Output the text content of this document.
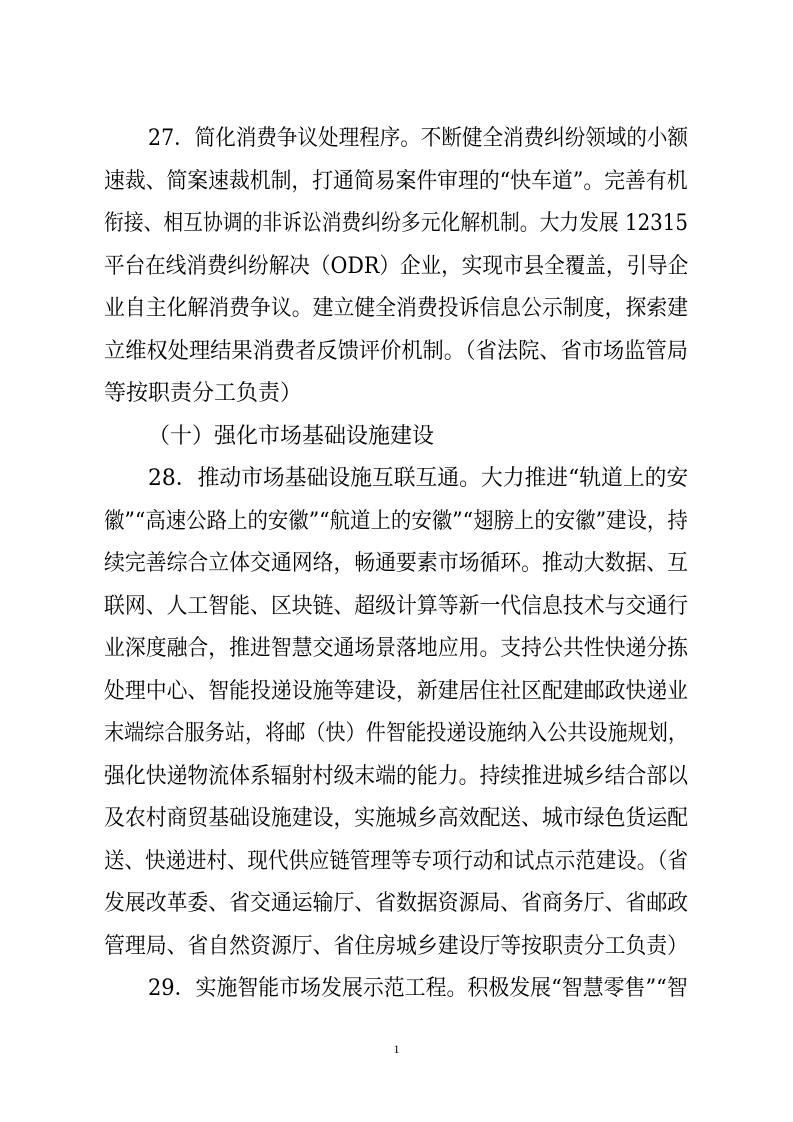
27．简化消费争议处理程序。不断健全消费纠纷领域的小额
速裁、简案速裁机制，打通简易案件审理的“快车道”。完善有机
衔接、相互协调的非诉讼消费纠纷多元化解机制。大力发展 12315
平台在线消费纠纷解决（ODR）企业，实现市县全覆盖，引导企
业自主化解消费争议。建立健全消费投诉信息公示制度，探索建
立维权处理结果消费者反馈评价机制。（省法院、省市场监管局
等按职责分工负责）
（十）强化市场基础设施建设
28．推动市场基础设施互联互通。大力推进“轨道上的安
徽”“高速公路上的安徽”“航道上的安徽”“翅膀上的安徽”建设，持
续完善综合立体交通网络，畅通要素市场循环。推动大数据、互
联网、人工智能、区块链、超级计算等新一代信息技术与交通行
业深度融合，推进智慧交通场景落地应用。支持公共性快递分拣
处理中心、智能投递设施等建设，新建居住社区配建邮政快递业
末端综合服务站，将邮（快）件智能投递设施纳入公共设施规划，
强化快递物流体系辐射村级末端的能力。持续推进城乡结合部以
及农村商贸基础设施建设，实施城乡高效配送、城市绿色货运配
送、快递进村、现代供应链管理等专项行动和试点示范建设。（省
发展改革委、省交通运输厅、省数据资源局、省商务厅、省邮政
管理局、省自然资源厅、省住房城乡建设厅等按职责分工负责）
29．实施智能市场发展示范工程。积极发展“智慧零售”“智
1
